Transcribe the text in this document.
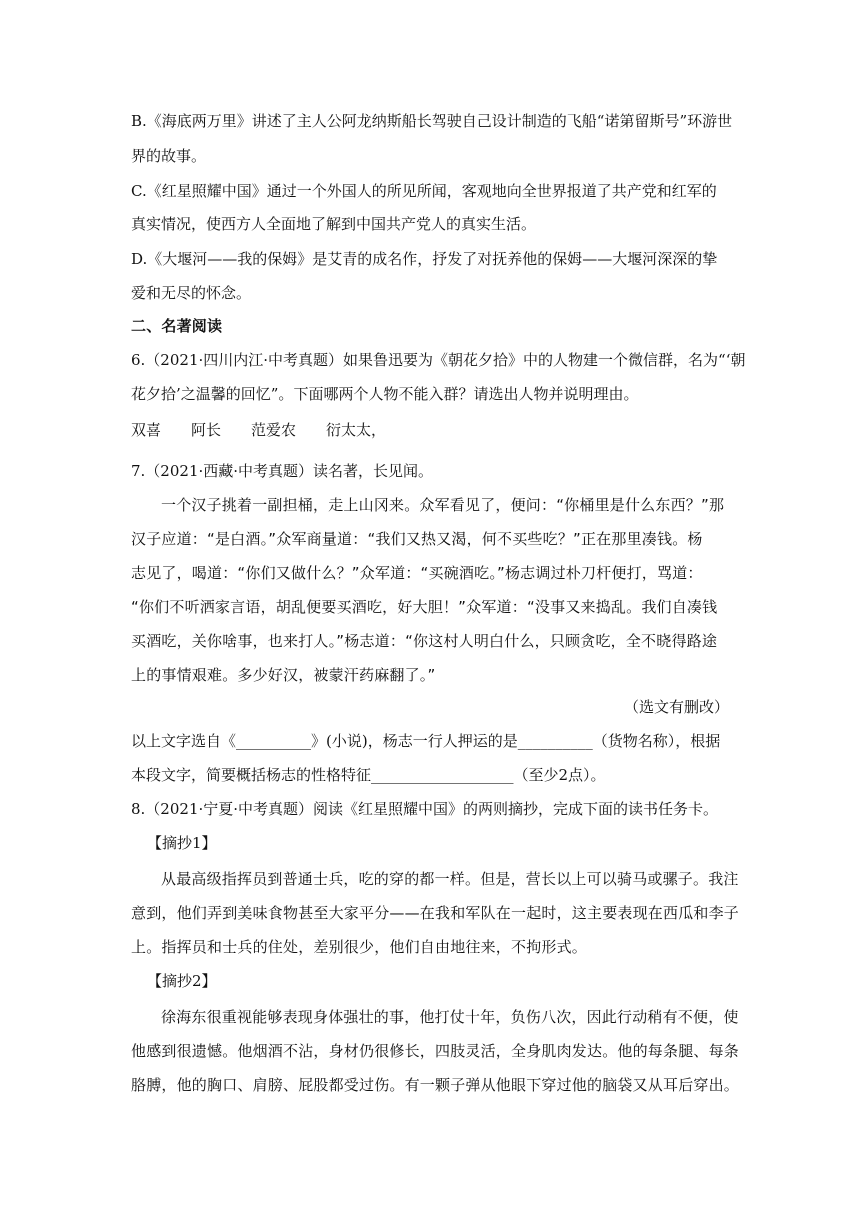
B.《海底两万里》讲述了主人公阿龙纳斯船长驾驶自己设计制造的飞船“诺第留斯号”环游世
界的故事。
C.《红星照耀中国》通过一个外国人的所见所闻，客观地向全世界报道了共产党和红军的
真实情况，使西方人全面地了解到中国共产党人的真实生活。
D.《大堰河——我的保姆》是艾青的成名作，抒发了对抚养他的保姆——大堰河深深的挚
爱和无尽的怀念。
二、名著阅读
6.（2021·四川内江·中考真题）如果鲁迅要为《朝花夕拾》中的人物建一个微信群，名为“‘朝
花夕拾’之温馨的回忆”。下面哪两个人物不能入群？请选出人物并说明理由。
双喜 阿长 范爱农 衍太太，
7.（2021·西藏·中考真题）读名著，长见闻。
一个汉子挑着一副担桶，走上山冈来。众军看见了，便问：“你桶里是什么东西？”那
汉子应道：“是白酒。”众军商量道：“我们又热又渴，何不买些吃？”正在那里凑钱。杨
志见了，喝道：“你们又做什么？”众军道：“买碗酒吃。”杨志调过朴刀杆便打，骂道：
“你们不听洒家言语，胡乱便要买酒吃，好大胆！”众军道：“没事又来捣乱。我们自凑钱
买酒吃，关你啥事，也来打人。”杨志道：“你这村人明白什么，只顾贪吃，全不晓得路途
上的事情艰难。多少好汉，被蒙汗药麻翻了。”
（选文有删改）
以上文字选自《__________》(小说)，杨志一行人押运的是__________（货物名称），根据
本段文字，简要概括杨志的性格特征___________________（至少2点）。
8.（2021·宁夏·中考真题）阅读《红星照耀中国》的两则摘抄，完成下面的读书任务卡。
【摘抄1】
从最高级指挥员到普通士兵，吃的穿的都一样。但是，营长以上可以骑马或骡子。我注
意到，他们弄到美味食物甚至大家平分——在我和军队在一起时，这主要表现在西瓜和李子
上。指挥员和士兵的住处，差别很少，他们自由地往来，不拘形式。
【摘抄2】
徐海东很重视能够表现身体强壮的事，他打仗十年，负伤八次，因此行动稍有不便，使
他感到很遗憾。他烟酒不沾，身材仍很修长，四肢灵活，全身肌肉发达。他的每条腿、每条
胳膊，他的胸口、肩膀、屁股都受过伤。有一颗子弹从他眼下穿过他的脑袋又从耳后穿出。
